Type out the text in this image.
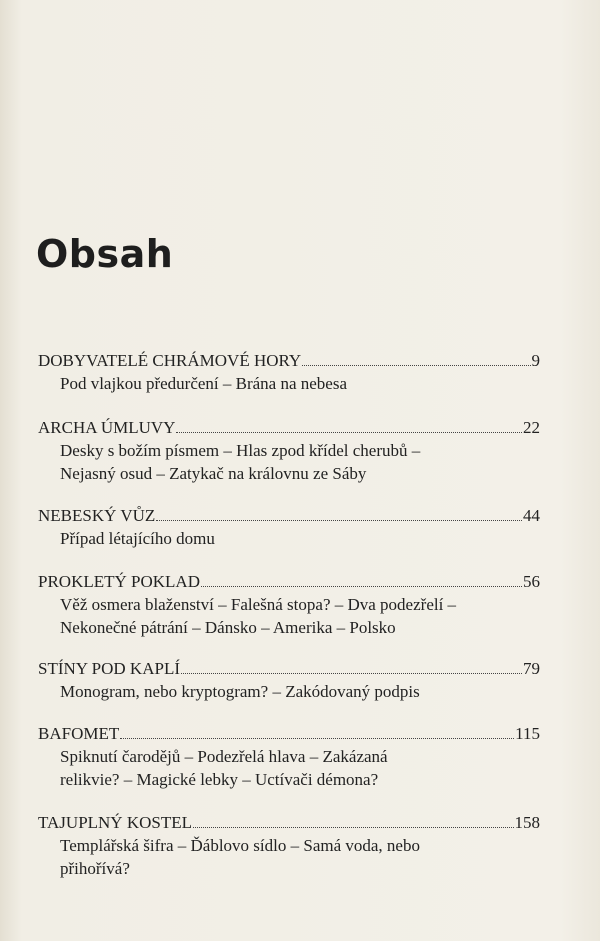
Obsah
DOBYVATELÉ CHRÁMOVÉ HORY	9
Pod vlajkou předurčení – Brána na nebesa
ARCHA ÚMLUVY	22
Desky s božím písmem – Hlas zpod křídel cherubů –
Nejasný osud – Zatykač na královnu ze Sáby
NEBESKÝ VŮZ	44
Případ létajícího domu
PROKLETÝ POKLAD	56
Věž osmera blaženství – Falešná stopa? – Dva podezřelí –
Nekonečné pátrání – Dánsko – Amerika – Polsko
STÍNY POD KAPLÍ	79
Monogram, nebo kryptogram? – Zakódovaný podpis
BAFOMET	115
Spiknutí čarodějů – Podezřelá hlava – Zakázaná
relikvie? – Magické lebky – Uctívači démona?
TAJUPLNÝ KOSTEL	158
Templářská šifra – Ďáblovo sídlo – Samá voda, nebo
přihořívá?
